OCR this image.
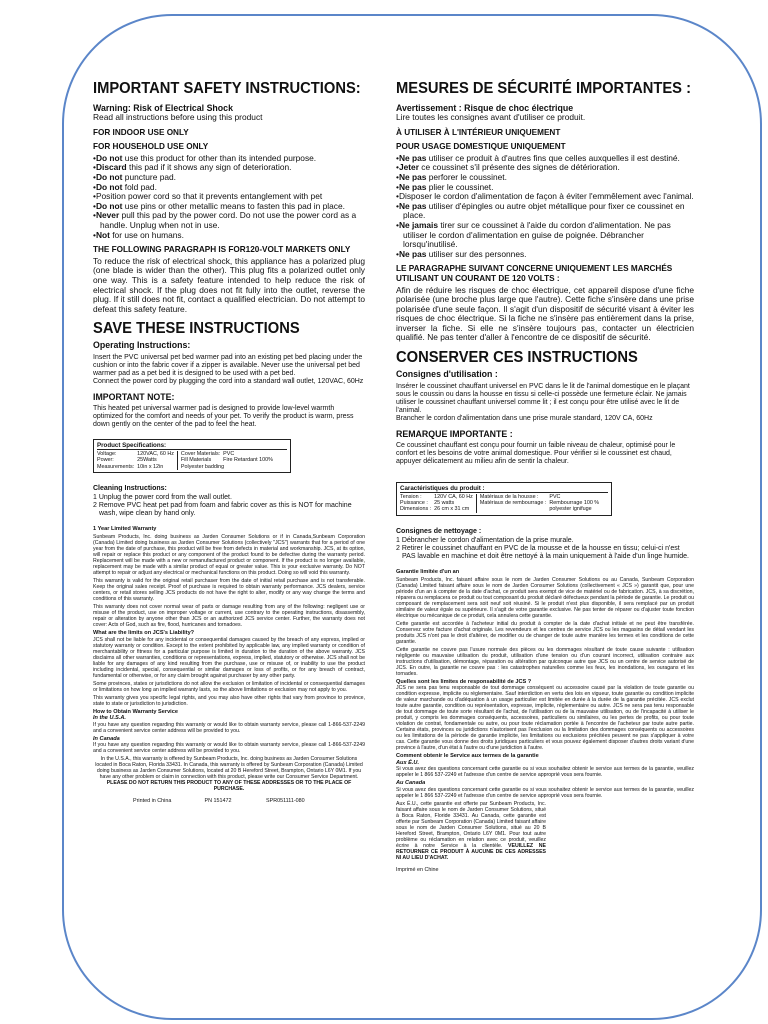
IMPORTANT SAFETY INSTRUCTIONS:
Warning: Risk of Electrical Shock
Read all instructions before using this product
FOR INDOOR USE ONLY
FOR HOUSEHOLD USE ONLY
• Do not use this product for other than its intended purpose.
• Discard this pad if it shows any sign of deterioration.
• Do not puncture pad.
• Do not fold pad.
• Position power cord so that it prevents entanglement with pet
• Do not use pins or other metallic means to fasten this pad in place.
• Never pull this pad by the power cord. Do not use the power cord as a handle. Unplug when not in use.
• Not for use on humans.
THE FOLLOWING PARAGRAPH IS FOR120-VOLT MARKETS ONLY
To reduce the risk of electrical shock, this appliance has a polarized plug (one blade is wider than the other). This plug fits a polarized outlet only one way. This is a safety feature intended to help reduce the risk of electrical shock. If the plug does not fit fully into the outlet, reverse the plug. If it still does not fit, contact a qualified electrician. Do not attempt to defeat this safety feature.
SAVE THESE INSTRUCTIONS
Operating Instructions:
Insert the PVC universal pet bed warmer pad into an existing pet bed placing under the cushion or into the fabric cover if a zipper is available. Never use the universal pet bed warmer pad as a pet bed it is designed to be used with a pet bed.
Connect the power cord by plugging the cord into a standard wall outlet, 120VAC, 60Hz
IMPORTANT NOTE:
This heated pet universal warmer pad is designed to provide low-level warmth optimized for the comfort and needs of your pet. To verify the product is warm, press down gently on the center of the pad to feel the heat.
Product Specifications:
Voltage:	120VAC, 60 Hz	Cover Materials:	PVC
Power:	25Watts	Fill Materials	Fire Retardant 100%
Measurements:	10in x 12in	Polyester badding	
Cleaning Instructions:
1 Unplug the power cord from the wall outlet.
2 Remove PVC heat pet pad from foam and fabric cover as this is NOT for machine wash, wipe clean by hand only.
1 Year Limited Warranty
Sunbeam Products, Inc. doing business as Jarden Consumer Solutions or if in Canada,Sunbeam Corporation (Canada) Limited doing business as Jarden Consumer Solutions (collectively "JCS") warrants that for a period of one year from the date of purchase, this product will be free from defects in material and workmanship. JCS, at its option, will repair or replace this product or any component of the product found to be defective during the warranty period. Replacement will be made with a new or remanufactured product or component. If the product is no longer available, replacement may be made with a similar product of equal or greater value. This is your exclusive warranty. Do NOT attempt to repair or adjust any electrical or mechanical functions on this product. Doing so will void this warranty.
This warranty is valid for the original retail purchaser from the date of initial retail purchase and is not transferable. Keep the original sales receipt. Proof of purchase is required to obtain warranty performance. JCS dealers, service centers, or retail stores selling JCS products do not have the right to alter, modify or any way change the terms and conditions of this warranty.
This warranty does not cover normal wear of parts or damage resulting from any of the following: negligent use or misuse of the product, use on improper voltage or current, use contrary to the operating instructions, disassembly, repair or alteration by anyone other than JCS or an authorized JCS service center. Further, the warranty does not cover: Acts of God, such as fire, flood, hurricanes and tornadoes.
What are the limits on JCS's Liability?
JCS shall not be liable for any incidental or consequential damages caused by the breach of any express, implied or statutory warranty or condition. Except to the extent prohibited by applicable law, any implied warranty or condition of merchantability or fitness for a particular purpose is limited in duration to the duration of the above warranty. JCS disclaims all other warranties, conditions or representations, express, implied, statutory or otherwise. JCS shall not be liable for any damages of any kind resulting from the purchase, use or misuse of, or inability to use the product including incidental, special, consequential or similar damages or loss of profits, or for any breach of contract, fundamental or otherwise, or for any claim brought against purchaser by any other party.
Some provinces, states or jurisdictions do not allow the exclusion or limitation of incidental or consequential damages or limitations on how long an implied warranty lasts, so the above limitations or exclusion may not apply to you.
This warranty gives you specific legal rights, and you may also have other rights that vary from province to province, state to state or jurisdiction to jurisdiction.
How to Obtain Warranty Service
In the U.S.A.
If you have any question regarding this warranty or would like to obtain warranty service, please call 1-866-537-2249 and a convenient service center address will be provided to you.
In Canada
If you have any question regarding this warranty or would like to obtain warranty service, please call 1-866-537-2249 and a convenient service center address will be provided to you.
In the U.S.A., this warranty is offered by Sunbeam Products, Inc. doing business as Jarden Consumer Solutions located in Boca Raton, Florida 33431. In Canada, this warranty is offered by Sunbeam Corporation (Canada) Limited doing business as Jarden Consumer Solutions, located at 20 B Hereford Street, Brampton, Ontario L6Y 0M1. If you have any other problem or claim in connection with this product, please write our Consumer Service Department. PLEASE DO NOT RETURN THIS PRODUCT TO ANY OF THESE ADDRESSES OR TO THE PLACE OF PURCHASE.
Printed in China	PN 151472	SPR051111-080
MESURES DE SÉCURITÉ IMPORTANTES :
Avertissement : Risque de choc électrique
Lire toutes les consignes avant d'utiliser ce produit.
À UTILISER À L'INTÉRIEUR UNIQUEMENT
POUR USAGE DOMESTIQUE UNIQUEMENT
• Ne pas utiliser ce produit à d'autres fins que celles auxquelles il est destiné.
• Jeter ce coussinet s'il présente des signes de détérioration.
• Ne pas perforer le coussinet.
• Ne pas plier le coussinet.
• Disposer le cordon d'alimentation de façon à éviter l'emmêlement avec l'animal.
• Ne pas utiliser d'épingles ou autre objet métallique pour fixer ce coussinet en place.
• Ne jamais tirer sur ce coussinet à l'aide du cordon d'alimentation. Ne pas utiliser le cordon d'alimentation en guise de poignée. Débrancher lorsqu'inutilisé.
• Ne pas utiliser sur des personnes.
LE PARAGRAPHE SUIVANT CONCERNE UNIQUEMENT LES MARCHÉS UTILISANT UN COURANT DE 120 VOLTS :
Afin de réduire les risques de choc électrique, cet appareil dispose d'une fiche polarisée (une broche plus large que l'autre). Cette fiche s'insère dans une prise polarisée d'une seule façon. Il s'agit d'un dispositif de sécurité visant à éviter les risques de choc électrique. Si la fiche ne s'insère pas entièrement dans la prise, inverser la fiche. Si elle ne s'insère toujours pas, contacter un électricien qualifié. Ne pas tenter d'aller à l'encontre de ce dispositif de sécurité.
CONSERVER CES INSTRUCTIONS
Consignes d'utilisation :
Insérer le coussinet chauffant universel en PVC dans le lit de l'animal domestique en le plaçant sous le coussin ou dans la housse en tissu si celle-ci possède une fermeture éclair. Ne jamais utiliser le coussinet chauffant universel comme lit ; il est conçu pour être utilisé avec le lit de l'animal.
Brancher le cordon d'alimentation dans une prise murale standard, 120V CA, 60Hz
REMARQUE IMPORTANTE :
Ce coussinet chauffant est conçu pour fournir un faible niveau de chaleur, optimisé pour le confort et les besoins de votre animal domestique. Pour vérifier si le coussinet est chaud, appuyer délicatement au milieu afin de sentir la chaleur.
Caractéristiques du produit :
Tension :	120V CA, 60 Hz	Matériaux de la housse :	PVC
Puissance :	25 watts	Matériaux de rembourrage :	Rembourrage 100 %
Dimensions :	26 cm x 31 cm		polyester ignifuge
Consignes de nettoyage :
1 Débrancher le cordon d'alimentation de la prise murale.
2 Retirer le coussinet chauffant en PVC de la mousse et de la housse en tissu; celui-ci n'est PAS lavable en machine et doit être nettoyé à la main uniquement à l'aide d'un linge humide.
Garantie limitée d'un an
Sunbeam Products, Inc. faisant affaire sous le nom de Jarden Consumer Solutions ou au Canada, Sunbeam Corporation (Canada) Limited faisant affaire sous le nom de Jarden Consumer Solutions (collectivement « JCS ») garantit que, pour une période d'un an à compter de la date d'achat, ce produit sera exempt de vice de matériel ou de fabrication. JCS, à sa discrétion, réparera ou remplacera ce produit ou tout composant du produit déclaré défectueux pendant la période de garantie. Le produit ou composant de remplacement sera soit neuf soit réusiné. Si le produit n'est plus disponible, il sera remplacé par un produit similaire de valeur égale ou supérieure. Il s'agit de votre garantie exclusive. Ne pas tenter de réparer ou d'ajuster toute fonction électrique ou mécanique de ce produit, cela annulera cette garantie.
Cette garantie est accordée à l'acheteur initial du produit à compter de la date d'achat initiale et ne peut être transférée. Conservez votre facture d'achat originale. Les revendeurs et les centres de service JCS ou les magasins de détail vendant les produits JCS n'ont pas le droit d'altérer, de modifier ou de changer de toute autre manière les termes et les conditions de cette garantie.
Cette garantie ne couvre pas l'usure normale des pièces ou les dommages résultant de toute cause suivante : utilisation négligente ou mauvaise utilisation du produit, utilisation d'une tension ou d'un courant incorrect, utilisation contraire aux instructions d'utilisation, démontage, réparation ou altération par quiconque autre que JCS ou un centre de service autorisé de JCS. En outre, la garantie ne couvre pas : les catastrophes naturelles comme les feux, les inondations, les ouragans et les tornades.
Quelles sont les limites de responsabilité de JCS ?
JCS ne sera pas tenu responsable de tout dommage conséquent ou accessoire causé par la violation de toute garantie ou condition expresse, implicite ou réglementaire. Sauf interdiction en vertu des lois en vigueur, toute garantie ou condition implicite de valeur marchande ou d'adéquation à un usage particulier est limitée en durée à la durée de la garantie précitée. JCS exclut toute autre garantie, condition ou représentation, expresse, implicite, réglementaire ou autre. JCS ne sera pas tenu responsable de tout dommage de toute sorte résultant de l'achat, de l'utilisation ou de la mauvaise utilisation, ou de l'incapacité à utiliser le produit, y compris les dommages conséquents, accessoires, particuliers ou similaires, ou les pertes de profits, ou pour toute violation de contrat, fondamentale ou autre, ou pour toute réclamation portée à l'encontre de l'acheteur par toute autre partie. Certains états, provinces ou juridictions n'autorisent pas l'exclusion ou la limitation des dommages conséquents ou accessoires ou les limitations de la période de garantie implicite, les limitations ou exclusions précitées peuvent ne pas s'appliquer à votre cas. Cette garantie vous donne des droits juridiques particuliers et vous pouvez également disposer d'autres droits variant d'une province à l'autre, d'un état à l'autre ou d'une juridiction à l'autre.
Comment obtenir le Service aux termes de la garantie
Aux É.U.
Si vous avez des questions concernant cette garantie ou si vous souhaitez obtenir le service aux termes de la garantie, veuillez appeler le 1 866 537-2249 et l'adresse d'un centre de service approprié vous sera fournie.
Au Canada
Si vous avez des questions concernant cette garantie ou si vous souhaitez obtenir le service aux termes de la garantie, veuillez appeler le 1 866 537-2249 et l'adresse d'un centre de service approprié vous sera fournie.
Aux É.U., cette garantie est offerte par Sunbeam Products, Inc. faisant affaire sous le nom de Jarden Consumer Solutions, situé à Boca Raton, Floride 33431. Au Canada, cette garantie est offerte par Sunbeam Corporation (Canada) Limited faisant affaire sous le nom de Jarden Consumer Solutions, situé au 20 B Hereford Street, Brampton, Ontario L6Y 0M1. Pour tout autre problème ou réclamation en relation avec ce produit, veuillez écrire à notre Service à la clientèle. VEUILLEZ NE RETOURNER CE PRODUIT À AUCUNE DE CES ADRESSES NI AU LIEU D'ACHAT.
Imprimé en Chine
